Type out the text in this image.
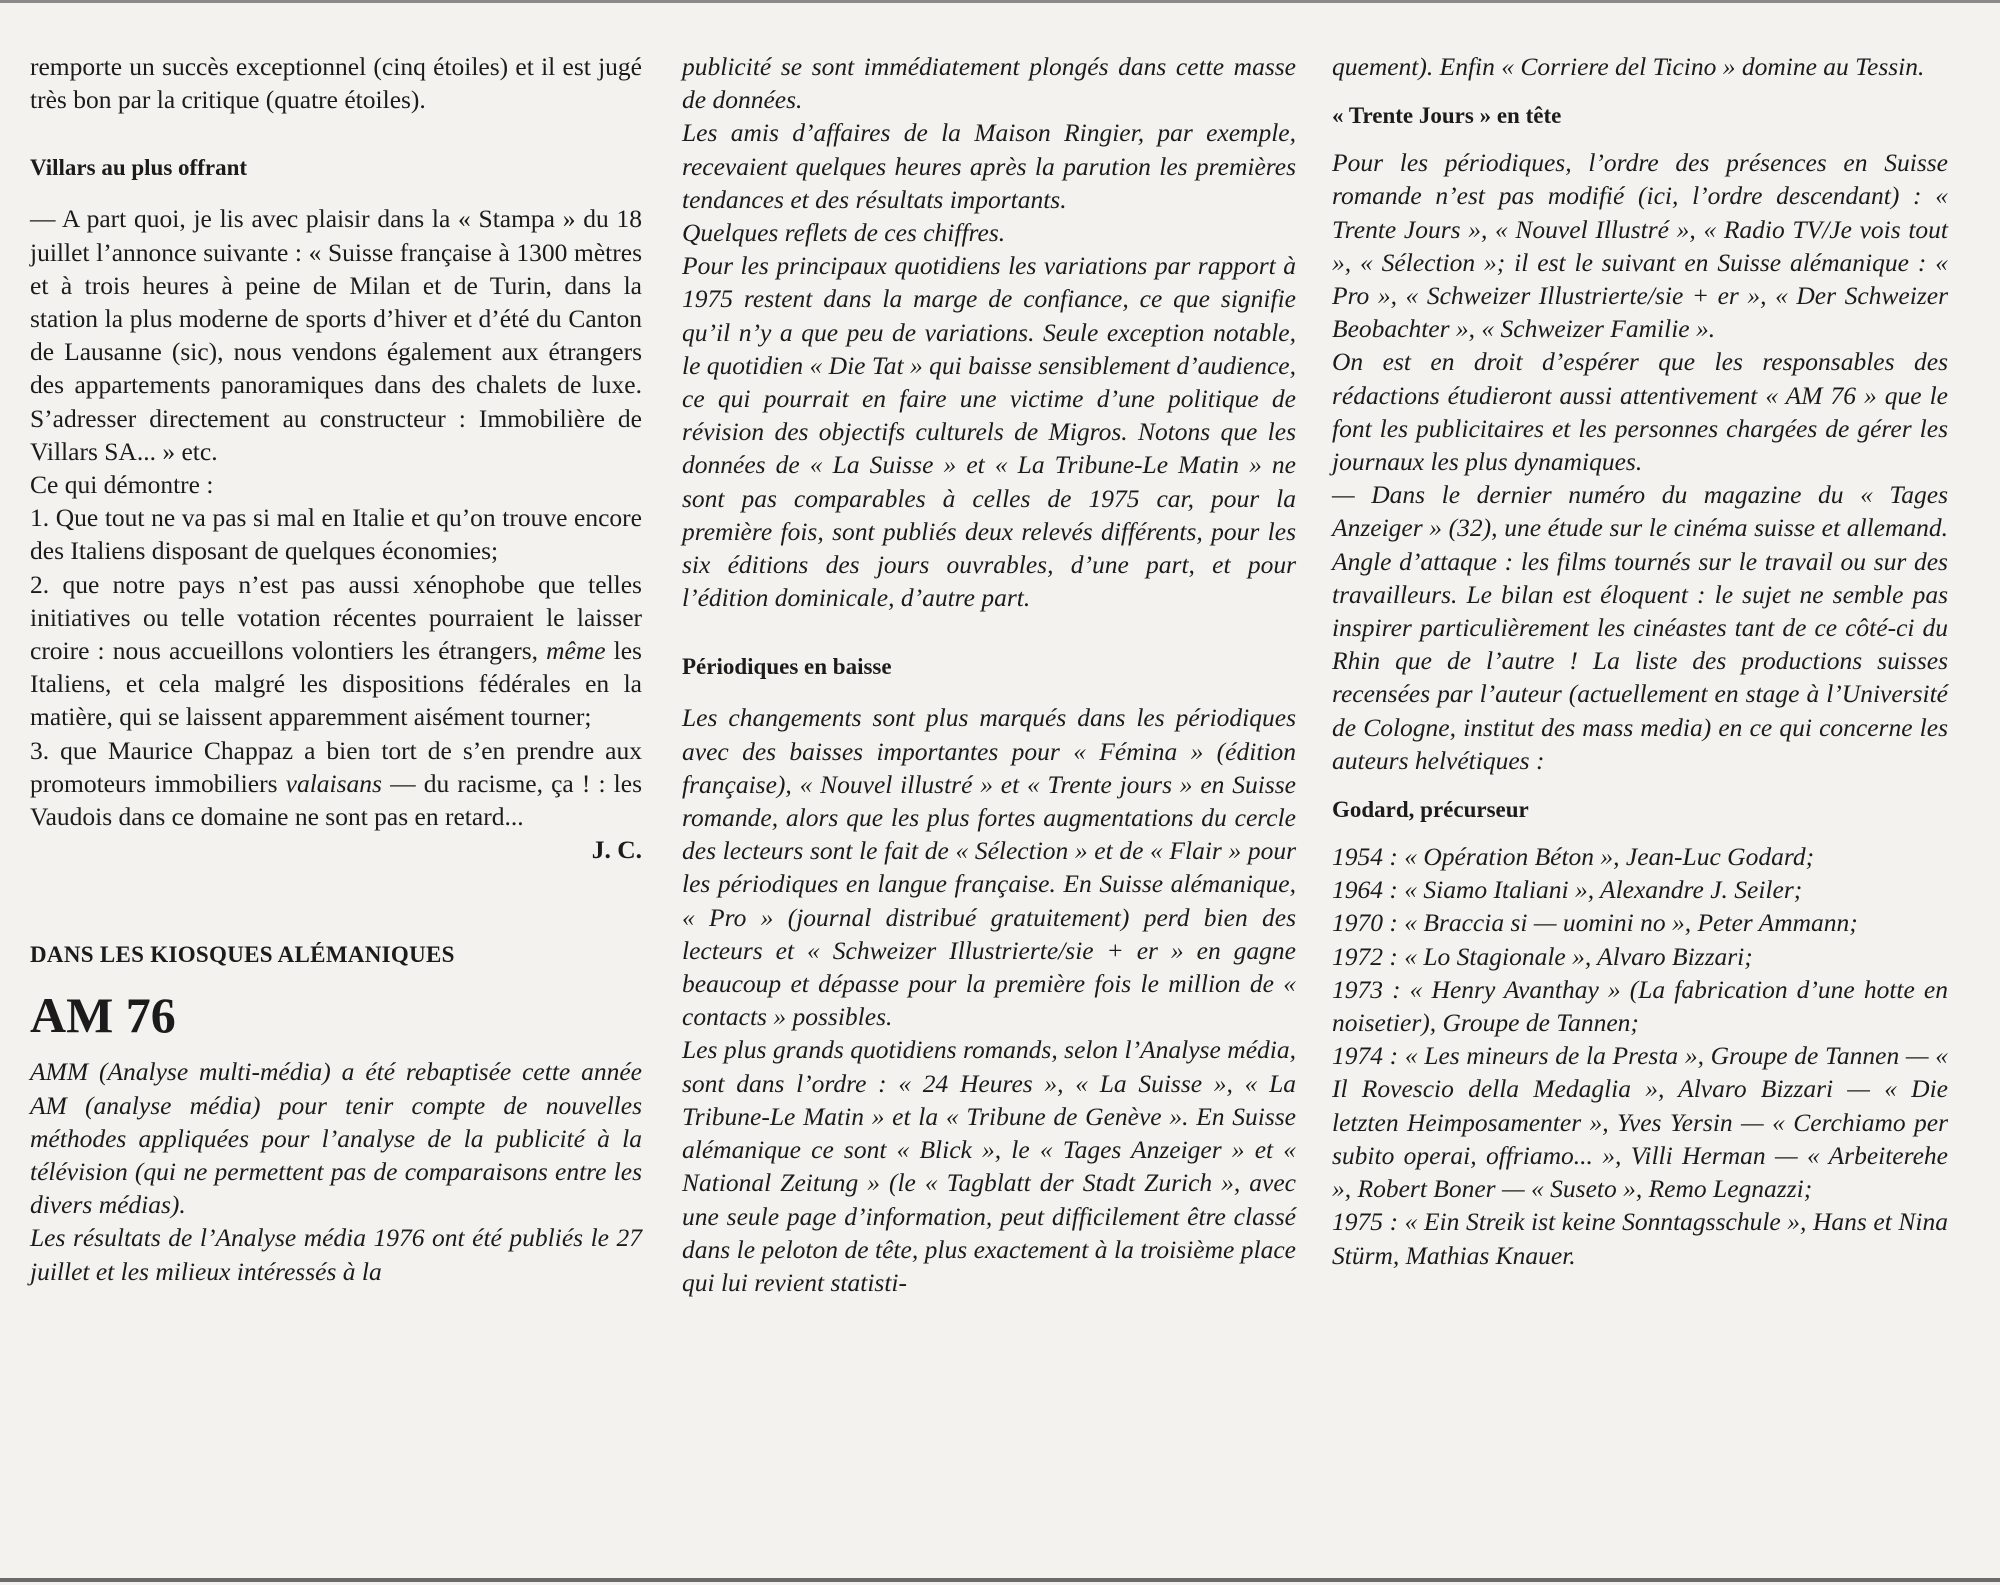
remporte un succès exceptionnel (cinq étoiles) et il est jugé très bon par la critique (quatre étoiles).

Villars au plus offrant

— A part quoi, je lis avec plaisir dans la « Stampa » du 18 juillet l’annonce suivante : « Suisse française à 1300 mètres et à trois heures à peine de Milan et de Turin, dans la station la plus moderne de sports d’hiver et d’été du Canton de Lausanne (sic), nous vendons également aux étrangers des appartements panoramiques dans des chalets de luxe. S’adresser directement au constructeur : Immobilière de Villars SA... » etc.

Ce qui démontre :

1. Que tout ne va pas si mal en Italie et qu’on trouve encore des Italiens disposant de quelques économies;

2. que notre pays n’est pas aussi xénophobe que telles initiatives ou telle votation récentes pourraient le laisser croire : nous accueillons volontiers les étrangers, même les Italiens, et cela malgré les dispositions fédérales en la matière, qui se laissent apparemment aisément tourner;

3. que Maurice Chappaz a bien tort de s’en prendre aux promoteurs immobiliers valaisans — du racisme, ça ! : les Vaudois dans ce domaine ne sont pas en retard...

J. C.

DANS LES KIOSQUES ALÉMANIQUES
AM 76

AMM (Analyse multi-média) a été rebaptisée cette année AM (analyse média) pour tenir compte de nouvelles méthodes appliquées pour l’analyse de la publicité à la télévision (qui ne permettent pas de comparaisons entre les divers médias).

Les résultats de l’Analyse média 1976 ont été publiés le 27 juillet et les milieux intéressés à la

publicité se sont immédiatement plongés dans cette masse de données.

Les amis d’affaires de la Maison Ringier, par exemple, recevaient quelques heures après la parution les premières tendances et des résultats importants.

Quelques reflets de ces chiffres.

Pour les principaux quotidiens les variations par rapport à 1975 restent dans la marge de confiance, ce que signifie qu’il n’y a que peu de variations. Seule exception notable, le quotidien « Die Tat » qui baisse sensiblement d’audience, ce qui pourrait en faire une victime d’une politique de révision des objectifs culturels de Migros. Notons que les données de « La Suisse » et « La Tribune-Le Matin » ne sont pas comparables à celles de 1975 car, pour la première fois, sont publiés deux relevés différents, pour les six éditions des jours ouvrables, d’une part, et pour l’édition dominicale, d’autre part.

Périodiques en baisse

Les changements sont plus marqués dans les périodiques avec des baisses importantes pour « Fémina » (édition française), « Nouvel illustré » et « Trente jours » en Suisse romande, alors que les plus fortes augmentations du cercle des lecteurs sont le fait de « Sélection » et de « Flair » pour les périodiques en langue française. En Suisse alémanique, « Pro » (journal distribué gratuitement) perd bien des lecteurs et « Schweizer Illustrierte/sie + er » en gagne beaucoup et dépasse pour la première fois le million de « contacts » possibles.

Les plus grands quotidiens romands, selon l’Analyse média, sont dans l’ordre : « 24 Heures », « La Suisse », « La Tribune-Le Matin » et la « Tribune de Genève ». En Suisse alémanique ce sont « Blick », le « Tages Anzeiger » et « National Zeitung » (le « Tagblatt der Stadt Zurich », avec une seule page d’information, peut difficilement être classé dans le peloton de tête, plus exactement à la troisième place qui lui revient statisti-

quement). Enfin « Corriere del Ticino » domine au Tessin.

« Trente Jours » en tête

Pour les périodiques, l’ordre des présences en Suisse romande n’est pas modifié (ici, l’ordre descendant) : « Trente Jours », « Nouvel Illustré », « Radio TV/Je vois tout », « Sélection »; il est le suivant en Suisse alémanique : « Pro », « Schweizer Illustrierte/sie + er », « Der Schweizer Beobachter », « Schweizer Familie ».

On est en droit d’espérer que les responsables des rédactions étudieront aussi attentivement « AM 76 » que le font les publicitaires et les personnes chargées de gérer les journaux les plus dynamiques.

— Dans le dernier numéro du magazine du « Tages Anzeiger » (32), une étude sur le cinéma suisse et allemand. Angle d’attaque : les films tournés sur le travail ou sur des travailleurs. Le bilan est éloquent : le sujet ne semble pas inspirer particulièrement les cinéastes tant de ce côté-ci du Rhin que de l’autre ! La liste des productions suisses recensées par l’auteur (actuellement en stage à l’Université de Cologne, institut des mass media) en ce qui concerne les auteurs helvétiques :

Godard, précurseur

1954 : « Opération Béton », Jean-Luc Godard;

1964 : « Siamo Italiani », Alexandre J. Seiler;

1970 : « Braccia si — uomini no », Peter Ammann;

1972 : « Lo Stagionale », Alvaro Bizzari;

1973 : « Henry Avanthay » (La fabrication d’une hotte en noisetier), Groupe de Tannen;

1974 : « Les mineurs de la Presta », Groupe de Tannen — « Il Rovescio della Medaglia », Alvaro Bizzari — « Die letzten Heimposamenter », Yves Yersin — « Cerchiamo per subito operai, offriamo... », Villi Herman — « Arbeiterehe », Robert Boner — « Suseto », Remo Legnazzi;

1975 : « Ein Streik ist keine Sonntagsschule », Hans et Nina Stürm, Mathias Knauer.
